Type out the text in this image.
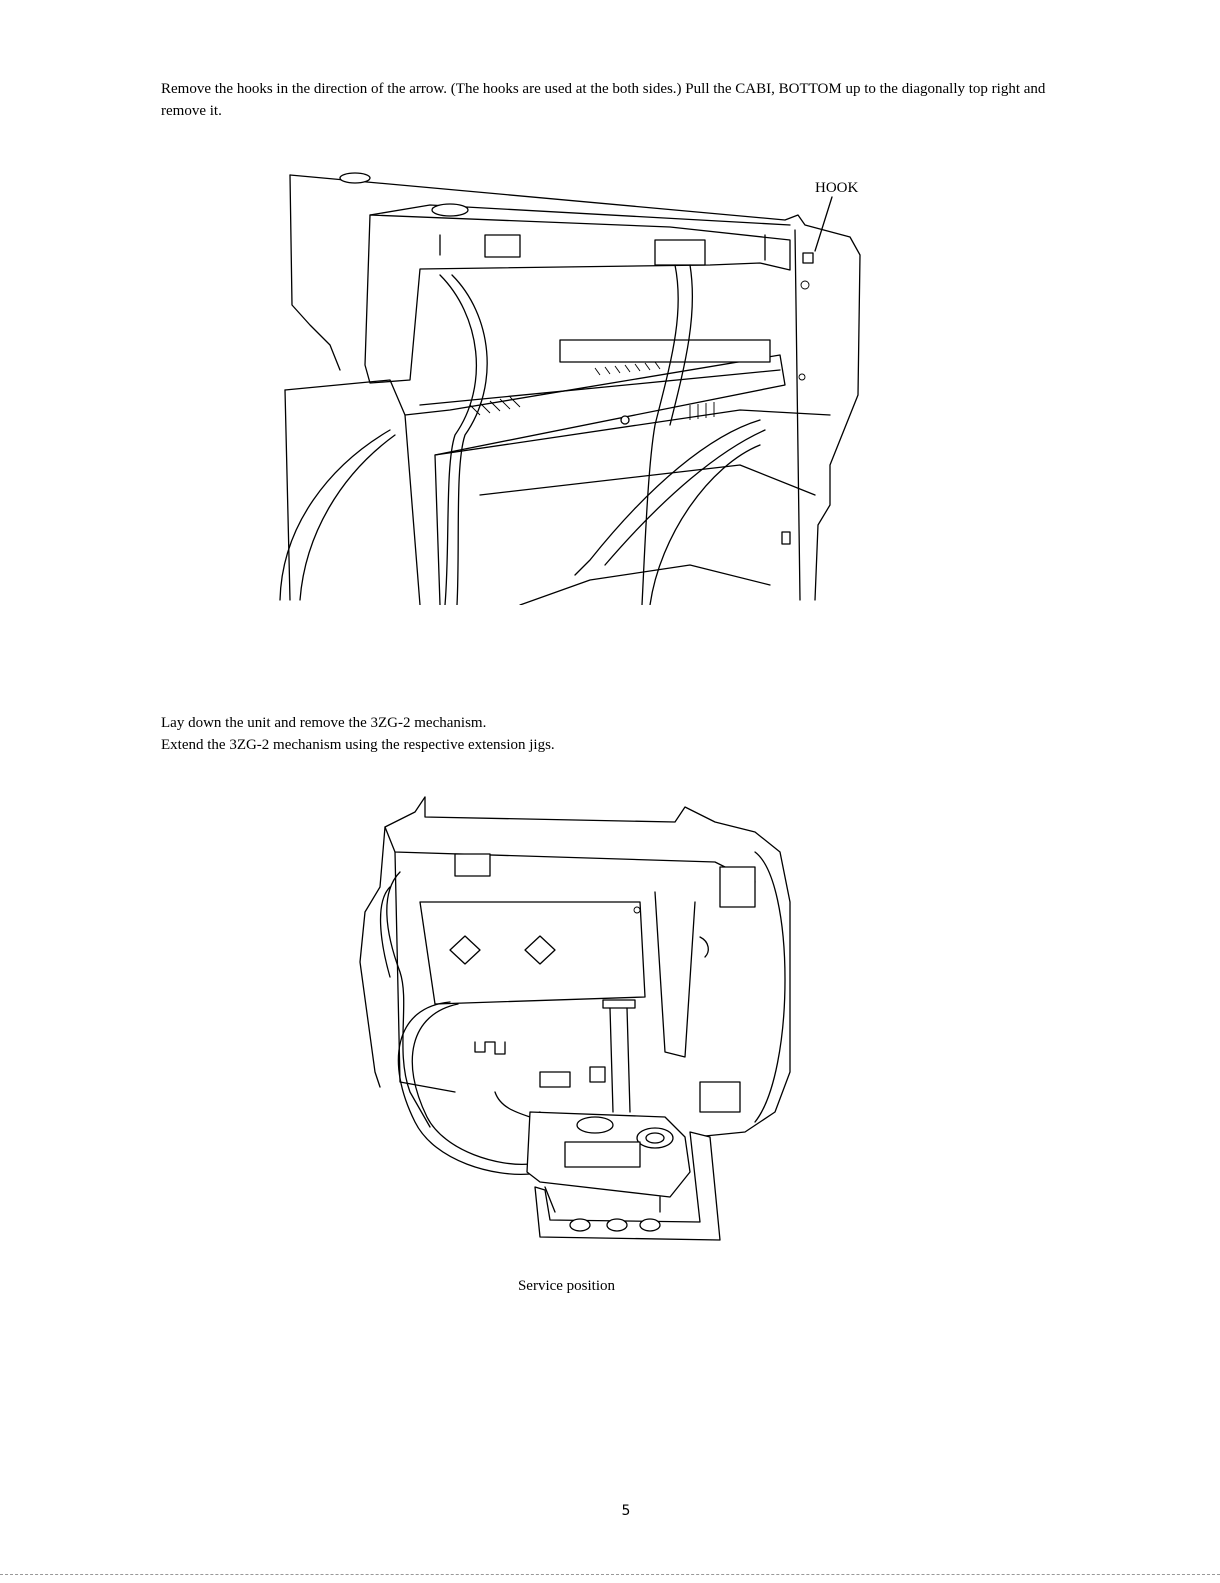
Remove the hooks in the direction of the arrow. (The hooks are used at the both sides.) Pull the CABI, BOTTOM up to the diagonally top right and remove it.
HOOK
Lay down the unit and remove the 3ZG-2 mechanism.
Extend the 3ZG-2 mechanism using the respective extension jigs.
Service position
5
